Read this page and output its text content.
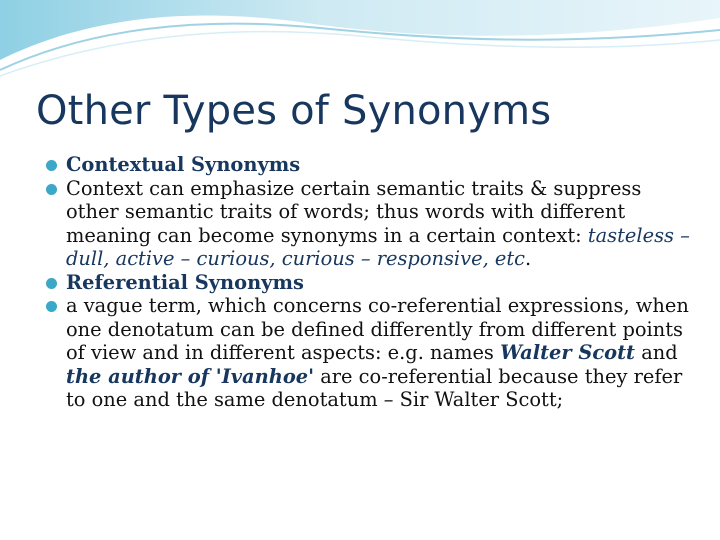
Other Types of Synonyms

Contextual Synonyms

Context can emphasize certain semantic traits & suppress other semantic traits of words; thus words with different meaning can become synonyms in a certain context: tasteless – dull, active – curious, curious – responsive, etc.

Referential Synonyms

a vague term, which concerns co-referential expressions, when one denotatum can be defined differently from different points of view and in different aspects: e.g. names Walter Scott and the author of 'Ivanhoe' are co-referential because they refer to one and the same denotatum – Sir Walter Scott;
